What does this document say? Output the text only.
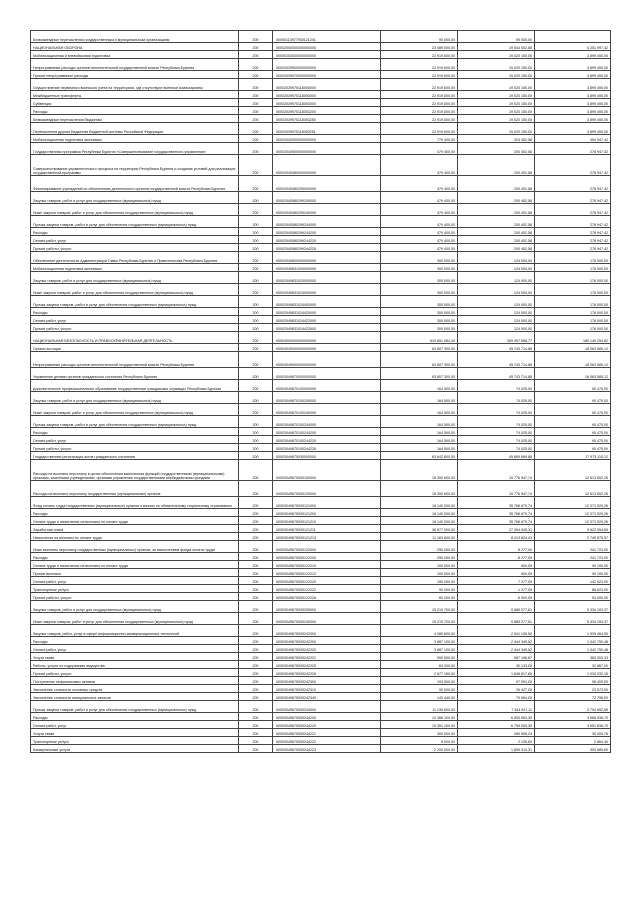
Безвозмездные перечисления государственным и муниципальным организациям	200	00000113977930121241	90 000,00	90 000,00	
НАЦИОНАЛЬНАЯ ОБОРОНА	200	00002000000000000000	23 489 000,00	19 544 002,58	4 351 997,42
Мобилизационная и вневойсковая подготовка	200	00000203000000000000	22 919 600,00	19 020 150,00	3 899 450,00
Непрограммные расходы органов исполнительной государственной власти Республики Бурятия	200	00002039900000000000	22 919 600,00	19 020 150,00	3 899 450,00
Прочие непрограммные расходы	200	00002039970000000000	22 919 600,00	19 020 150,00	3 899 450,00
Осуществление первичного воинского учета на территориях, где отсутствуют военные комиссариаты	200	00002039975118000000	22 919 600,00	19 020 150,00	3 899 450,00
Межбюджетные трансферты	200	00002039975118050000	22 919 600,00	19 020 150,00	3 899 450,00
Субвенции	200	00002039975118053000	22 919 600,00	19 020 150,00	3 899 450,00
Расходы	200	00002039975118053200	22 919 600,00	19 020 150,00	3 899 450,00
Безвозмездные перечисления бюджетам	200	00002039975118053250	22 919 600,00	19 020 150,00	3 899 450,00
Перечисления другим бюджетам бюджетной системы Российской Федерации	200	00002039975118053251	22 919 600,00	19 020 150,00	3 899 450,00
Мобилизационная подготовка экономики	200	00002040000000000000	779 400,00	324 452,58	454 947,42
Государственная программа Республики Бурятия «Совершенствование государственного управления»	200	00002040500000000000	479 400,00	200 452,58	278 947,42
Совершенствование управленческого процесса на территории Республики Бурятия и создание условий для реализации государственной программы	200	00002040580000000000	479 400,00	200 452,58	278 947,42
Финансирование учреждений по обеспечению деятельности органов государственной власти Республики Бурятия	200	00002040580299000000	479 400,00	200 452,58	278 947,42
Закупка товаров, работ и услуг для государственных (муниципальных) нужд	200	00002040580299200000	479 400,00	200 452,58	278 947,42
Иные закупки товаров, работ и услуг для обеспечения государственных (муниципальных) нужд	200	00002040580299240000	479 400,00	200 452,58	278 947,42
Прочая закупка товаров, работ и услуг для обеспечения государственных (муниципальных) нужд	200	00002040580299244000	479 400,00	200 452,58	278 947,42
Расходы	200	00002040580299244200	479 400,00	200 452,58	278 947,42
Оплата работ, услуг	200	00002040580299244220	479 400,00	200 452,58	278 947,42
Прочие работы, услуги	200	00002040580299244226	479 400,00	200 452,58	278 947,42
Обеспечение деятельности Администрации Главы Республики Бурятия и Правительства Республики Бурятия	200	00002049800000000000	300 000,00	124 000,00	176 000,00
Мобилизационная подготовка экономики	200	00002049831000000000	300 000,00	124 000,00	176 000,00
Закупка товаров, работ и услуг для государственных (муниципальных) нужд	200	00002049831020000000	300 000,00	124 000,00	176 000,00
Иные закупки товаров, работ и услуг для обеспечения государственных (муниципальных) нужд	200	00002049831024000000	300 000,00	124 000,00	176 000,00
Прочая закупка товаров, работ и услуг для обеспечения государственных (муниципальных) нужд	200	00002049831024400000	300 000,00	124 000,00	176 000,00
Расходы	200	00002049831024420000	300 000,00	124 000,00	176 000,00
Оплата работ, услуг	200	00002049831024422000	300 000,00	124 000,00	176 000,00
Прочие работы, услуги	200	00002049831024422600	300 000,00	124 000,00	176 000,00
НАЦИОНАЛЬНАЯ БЕЗОПАСНОСТЬ И ПРАВООХРАНИТЕЛЬНАЯ ДЕЯТЕЛЬНОСТЬ	200	00003000000000000000	519 651 084,30	309 497 698,77	180 140 254,82
Органы юстиции	200	00003040000000000000	63 807 300,00	45 743 714,88	18 063 585,12
Непрограммные расходы органов исполнительной государственной власти Республики Бурятия	200	00003049900000000000	63 807 300,00	45 743 714,88	18 063 585,12
Управление делами органов гражданского состояния Республики Бурятия	200	00003049870000000000	63 807 300,00	45 743 714,88	18 063 585,12
Дополнительное профессиональное образование государственных гражданских служащих Республики Бурятия	200	00003049870100000000	164 500,00	74 025,00	90 475,00
Закупка товаров, работ и услуг для государственных (муниципальных) нужд	200	00003049870100200000	164 500,00	74 025,00	90 475,00
Иные закупки товаров, работ и услуг для обеспечения государственных (муниципальных) нужд	200	00003049870100240000	164 500,00	74 025,00	90 475,00
Прочая закупка товаров, работ и услуг для обеспечения государственных (муниципальных) нужд	200	00003049870100244000	164 500,00	74 025,00	90 475,00
Расходы	200	00003049870100244200	164 500,00	74 025,00	90 475,00
Оплата работ, услуг	200	00003049870100244220	164 500,00	74 025,00	90 475,00
Прочие работы, услуги	200	00003049870100244226	164 500,00	74 025,00	90 475,00
Государственная регистрация актов гражданского состояния	200	00003049875930000000	63 642 800,00	45 669 689,88	17 973 110,12
Расходы на выплаты персоналу в целях обеспечения выполнения функций государственными (муниципальными) органами, казенными учреждениями, органами управления государственными внебюджетными фондами	200	00003049875930100000	18 390 600,00	15 776 947,74	12 613 652,26
Расходы на выплаты персоналу государственных (муниципальных) органов	200	00003049875930120000	18 390 600,00	15 776 947,74	12 613 652,26
Фонд оплаты труда государственных (муниципальных) органов и взносы по обязательному социальному страхованию	200	00003049875930121000	18 140 000,00	35 768 670,74	12 371 929,26
Расходы	200	00003049875930121200	18 140 000,00	35 768 670,74	12 371 929,26
Оплата труда и начисления на выплаты по оплате труда	200	00003049875930121210	18 140 000,00	35 768 670,74	12 371 929,26
Заработная плата	200	00003049875930121211	36 977 000,00	27 354 945,31	9 622 054,69
Начисления на выплаты по оплате труда	200	00003049875930121213	11 163 600,00	8 413 824,43	2 749 875,57
Иные выплаты персоналу государственных (муниципальных) органов, за исключением фонда оплаты труда	200	00003049875930122000	250 000,00	8 277,00	241 723,00
Расходы	200	00003049875930122200	250 000,00	8 277,00	241 723,00
Оплата труда и начисления на выплаты по оплате труда	200	00003049875930122210	100 000,00	900,00	99 100,00
Прочие выплаты	200	00003049875930122212	100 000,00	900,00	99 100,00
Оплата работ, услуг	200	00003049875930122220	150 000,00	7 377,00	142 623,00
Транспортные услуги	200	00003049875930122222	90 000,00	1 377,00	88 623,00
Прочие работы, услуги	200	00003049875930122226	60 000,00	6 000,00	54 000,00
Закупка товаров, работ и услуг для государственных (муниципальных) нужд	200	00003049875930200000	15 219 700,00	9 885 077,61	5 334 193,37
Иные закупки товаров, работ и услуг для обеспечения государственных (муниципальных) нужд	200	00003049875930240000	15 219 700,00	9 885 077,61	5 334 193,37
Закупка товаров, работ, услуг в сфере информационно-коммуникационных технологий	200	00003049875930242000	4 080 600,00	2 541 135,50	1 539 464,50
Расходы	200	00003049875930242200	3 887 100,00	2 444 349,52	1 442 750,48
Оплата работ, услуг	200	00003049875930242220	3 887 100,00	2 444 349,52	1 442 750,48
Услуги связи	200	00003049875930242221	950 500,00	567 196,67	383 303,33
Работы, услуги по содержанию имущества	200	00003049875930242225	63 000,00	30 133,00	32 867,00
Прочие работы, услуги	200	00003049875930242226	2 877 150,00	1 846 817,85	1 030 332,15
Поступление нефинансовых активов	200	00003049875930242300	193 500,00	97 091,00	96 409,00
Увеличение стоимости основных средств	200	00003049875930242310	50 000,00	26 427,00	23 573,00
Увеличение стоимости материальных запасов	200	00003049875930242340	143 440,00	70 664,00	72 796,00
Прочая закупка товаров, работ и услуг для обеспечения государственных (муниципальных) нужд	200	00003049875930244000	11 139 600,00	7 343 947,11	3 794 652,89
Расходы	200	00003049875930244200	10 366 100,00	6 800 563,30	3 566 536,70
Оплата работ, услуг	200	00003049875930244220	10 351 100,00	6 799 263,30	3 551 836,70
Услуги связи	200	00003049875930244221	300 000,00	269 595,24	30 404,76
Транспортные услуги	200	00003049875930244222	5 000,00	2 135,60	2 864,40
Коммунальные услуги	200	00003049875930244223	2 200 000,00	1 899 314,31	300 685,69
